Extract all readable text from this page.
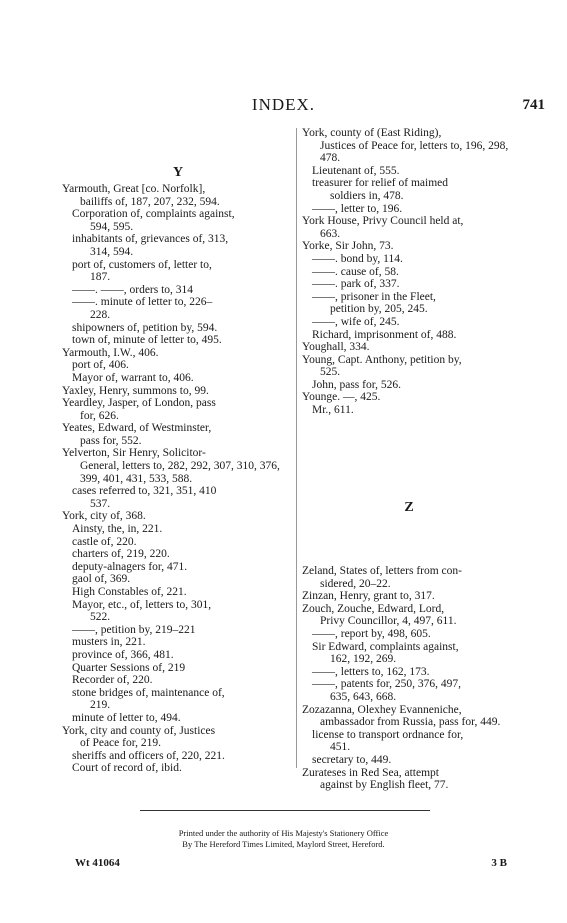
INDEX.	741
Y
Yarmouth, Great [co. Norfolk],
bailiffs of, 187, 207, 232, 594.
Corporation of, complaints against,
594, 595.
inhabitants of, grievances of, 313,
314, 594.
port of, customers of, letter to,
187.
——. ——, orders to, 314
——. minute of letter to, 226–
228.
shipowners of, petition by, 594.
town of, minute of letter to, 495.
Yarmouth, I.W., 406.
port of, 406.
Mayor of, warrant to, 406.
Yaxley, Henry, summons to, 99.
Yeardley, Jasper, of London, pass
for, 626.
Yeates, Edward, of Westminster,
pass for, 552.
Yelverton, Sir Henry, Solicitor-
General, letters to, 282, 292, 307, 310, 376, 399, 401, 431, 533, 588.
cases referred to, 321, 351, 410
537.
York, city of, 368.
Ainsty, the, in, 221.
castle of, 220.
charters of, 219, 220.
deputy-alnagers for, 471.
gaol of, 369.
High Constables of, 221.
Mayor, etc., of, letters to, 301,
522.
——, petition by, 219–221
musters in, 221.
province of, 366, 481.
Quarter Sessions of, 219
Recorder of, 220.
stone bridges of, maintenance of,
219.
minute of letter to, 494.
York, city and county of, Justices
of Peace for, 219.
sheriffs and officers of, 220, 221.
Court of record of, ibid.
York, county of (East Riding),
Justices of Peace for, letters to, 196, 298, 478.
Lieutenant of, 555.
treasurer for relief of maimed
soldiers in, 478.
——, letter to, 196.
York House, Privy Council held at,
663.
Yorke, Sir John, 73.
——. bond by, 114.
——. cause of, 58.
——. park of, 337.
——, prisoner in the Fleet,
petition by, 205, 245.
——, wife of, 245.
Richard, imprisonment of, 488.
Youghall, 334.
Young, Capt. Anthony, petition by,
525.
John, pass for, 526.
Younge. —, 425.
Mr., 611.
Z
Zeland, States of, letters from con-
sidered, 20–22.
Zinzan, Henry, grant to, 317.
Zouch, Zouche, Edward, Lord,
Privy Councillor, 4, 497, 611.
——, report by, 498, 605.
Sir Edward, complaints against,
162, 192, 269.
——, letters to, 162, 173.
——, patents for, 250, 376, 497,
635, 643, 668.
Zozazanna, Olexhey Evanneniche,
ambassador from Russia, pass for, 449.
license to transport ordnance for,
451.
secretary to, 449.
Zurateses in Red Sea, attempt
against by English fleet, 77.
Printed under the authority of His Majesty's Stationery Office
By The Hereford Times Limited, Maylord Street, Hereford.
Wt 41064	3 B
